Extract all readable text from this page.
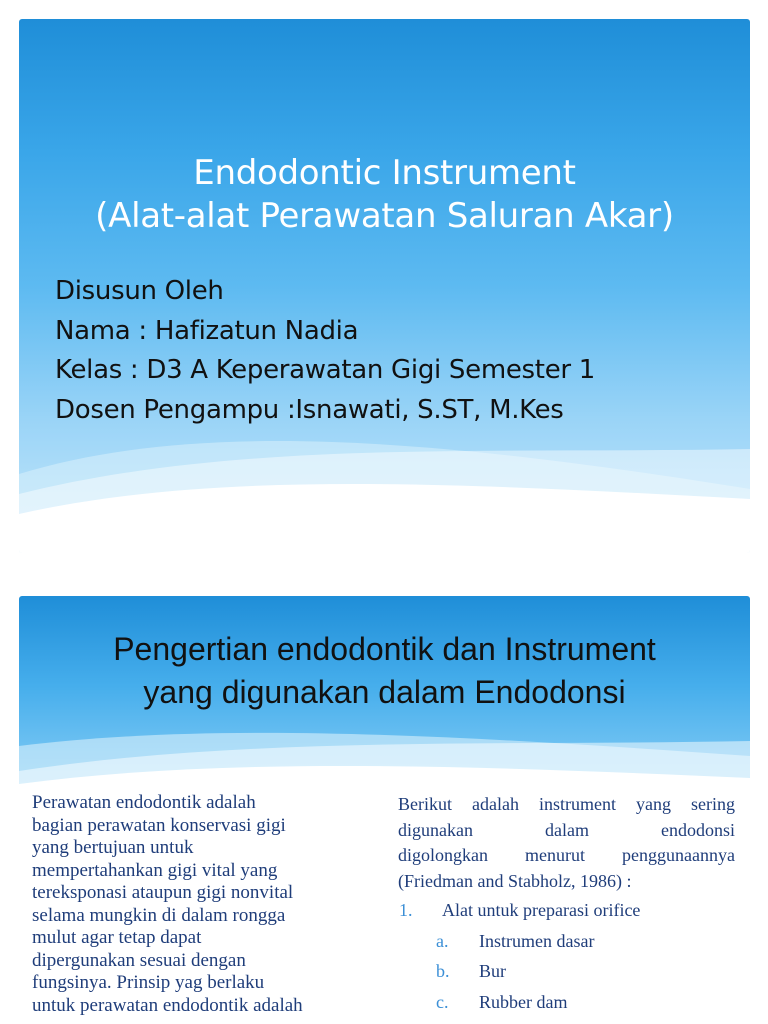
Endodontic Instrument
(Alat-alat Perawatan Saluran Akar)
Disusun Oleh
Nama : Hafizatun Nadia
Kelas : D3 A Keperawatan Gigi Semester 1
Dosen Pengampu :Isnawati, S.ST, M.Kes
Pengertian endodontik dan Instrument
yang digunakan dalam Endodonsi
Perawatan endodontik adalah
bagian perawatan konservasi gigi
yang bertujuan untuk
mempertahankan gigi vital yang
tereksponasi ataupun gigi nonvital
selama mungkin di dalam rongga
mulut agar tetap dapat
dipergunakan sesuai dengan
fungsinya. Prinsip yag berlaku
untuk perawatan endodontik adalah
Berikut adalah instrument yang sering
digunakan	dalam	endodonsi
digolongkan menurut penggunaannya
(Friedman and Stabholz, 1986) :
1.	Alat untuk preparasi orifice
a.	Instrumen dasar
b.	Bur
c.	Rubber dam
